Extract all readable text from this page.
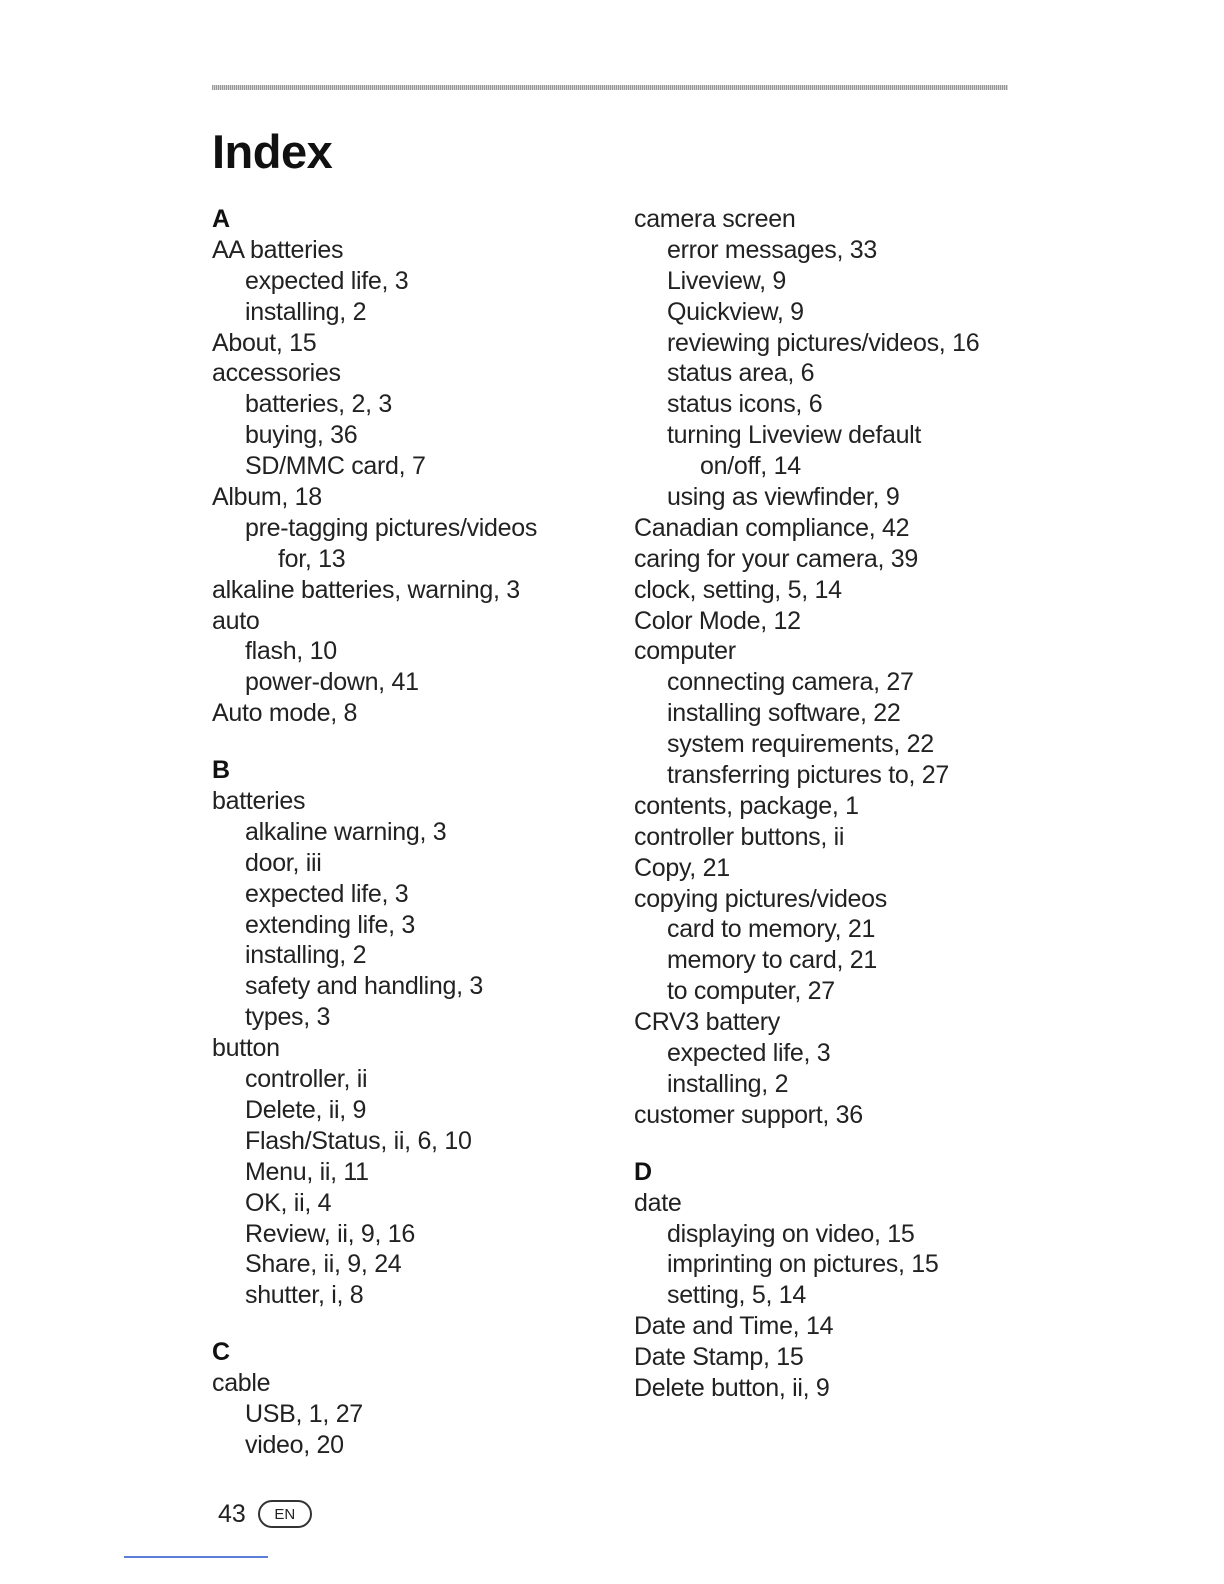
Index
A
AA batteries
expected life, 3
installing, 2
About, 15
accessories
batteries, 2, 3
buying, 36
SD/MMC card, 7
Album, 18
pre-tagging pictures/videos
for, 13
alkaline batteries, warning, 3
auto
flash, 10
power-down, 41
Auto mode, 8
B
batteries
alkaline warning, 3
door, iii
expected life, 3
extending life, 3
installing, 2
safety and handling, 3
types, 3
button
controller, ii
Delete, ii, 9
Flash/Status, ii, 6, 10
Menu, ii, 11
OK, ii, 4
Review, ii, 9, 16
Share, ii, 9, 24
shutter, i, 8
C
cable
USB, 1, 27
video, 20
camera screen
error messages, 33
Liveview, 9
Quickview, 9
reviewing pictures/videos, 16
status area, 6
status icons, 6
turning Liveview default
on/off, 14
using as viewfinder, 9
Canadian compliance, 42
caring for your camera, 39
clock, setting, 5, 14
Color Mode, 12
computer
connecting camera, 27
installing software, 22
system requirements, 22
transferring pictures to, 27
contents, package, 1
controller buttons, ii
Copy, 21
copying pictures/videos
card to memory, 21
memory to card, 21
to computer, 27
CRV3 battery
expected life, 3
installing, 2
customer support, 36
D
date
displaying on video, 15
imprinting on pictures, 15
setting, 5, 14
Date and Time, 14
Date Stamp, 15
Delete button, ii, 9
43 EN
